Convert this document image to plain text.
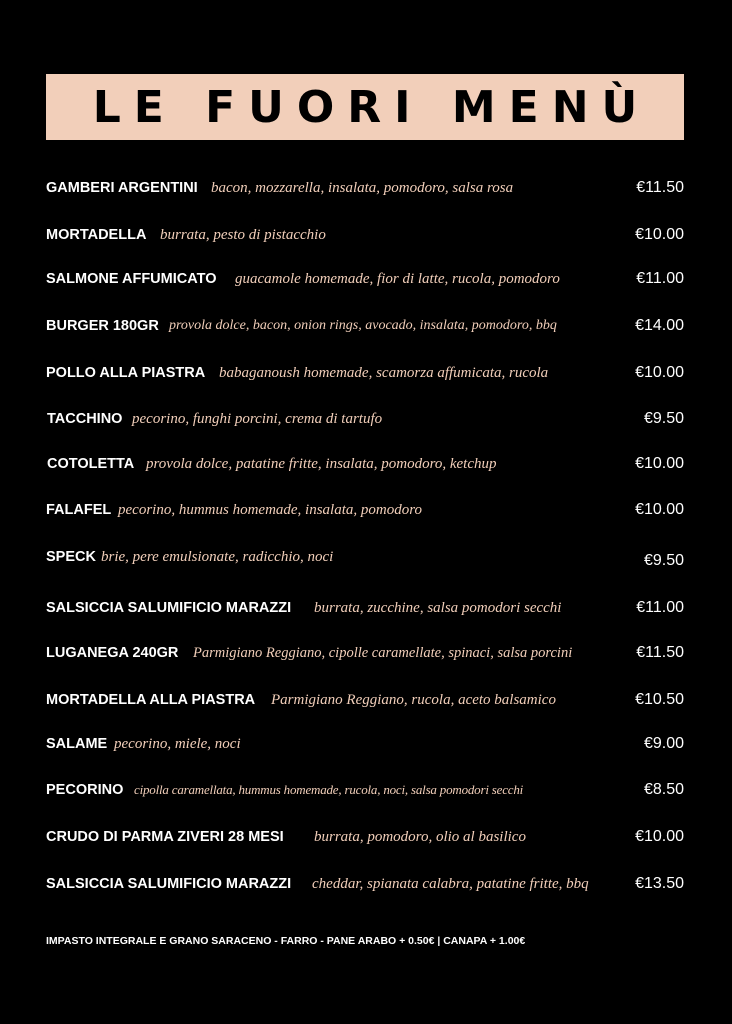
LE FUORI MENÙ
GAMBERI ARGENTINI bacon, mozzarella, insalata, pomodoro, salsa rosa	€11.50
MORTADELLA burrata, pesto di pistacchio	€10.00
SALMONE AFFUMICATO guacamole homemade, fior di latte, rucola, pomodoro	€11.00
BURGER 180GR provola dolce, bacon, onion rings, avocado, insalata, pomodoro, bbq	€14.00
POLLO ALLA PIASTRA babaganoush homemade, scamorza affumicata, rucola	€10.00
TACCHINO pecorino, funghi porcini, crema di tartufo	€9.50
COTOLETTA provola dolce, patatine fritte, insalata, pomodoro, ketchup	€10.00
FALAFEL pecorino, hummus homemade, insalata, pomodoro	€10.00
SPECK brie, pere emulsionate, radicchio, noci	€9.50
SALSICCIA SALUMIFICIO MARAZZI burrata, zucchine, salsa pomodori secchi	€11.00
LUGANEGA 240GR Parmigiano Reggiano, cipolle caramellate, spinaci, salsa porcini	€11.50
MORTADELLA ALLA PIASTRA Parmigiano Reggiano, rucola, aceto balsamico	€10.50
SALAME pecorino, miele, noci	€9.00
PECORINO cipolla caramellata, hummus homemade, rucola, noci, salsa pomodori secchi	€8.50
CRUDO DI PARMA ZIVERI 28 MESI burrata, pomodoro, olio al basilico	€10.00
SALSICCIA SALUMIFICIO MARAZZI cheddar, spianata calabra, patatine fritte, bbq	€13.50
IMPASTO INTEGRALE E GRANO SARACENO - FARRO - PANE ARABO + 0.50€ | CANAPA + 1.00€
